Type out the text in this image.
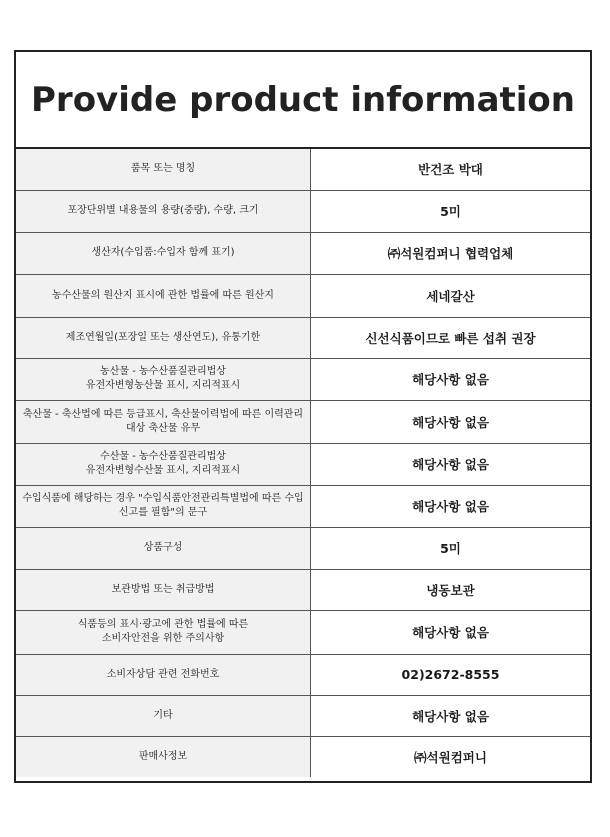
Provide product information
품목 또는 명칭	반건조 박대
포장단위별 내용물의 용량(중량), 수량, 크기	5미
생산자(수입품:수입자 함께 표기)	㈜석원컴퍼니 협력업체
농수산물의 원산지 표시에 관한 법률에 따른 원산지	세네갈산
제조연월일(포장일 또는 생산연도), 유통기한	신선식품이므로 빠른 섭취 권장
농산물 - 농수산품질관리법상
유전자변형농산물 표시, 지리적표시	해당사항 없음
축산물 - 축산법에 따른 등급표시, 축산물이력법에 따른 이력관리대상 축산물 유무	해당사항 없음
수산물 - 농수산품질관리법상
유전자변형수산물 표시, 지리적표시	해당사항 없음
수입식품에 해당하는 경우 "수입식품안전관리특별법에 따른 수입신고를 필함"의 문구	해당사항 없음
상품구성	5미
보관방법 또는 취급방법	냉동보관
식품등의 표시·광고에 관한 법률에 따른
소비자안전을 위한 주의사항	해당사항 없음
소비자상담 관련 전화번호	02)2672-8555
기타	해당사항 없음
판매사정보	㈜석원컴퍼니
